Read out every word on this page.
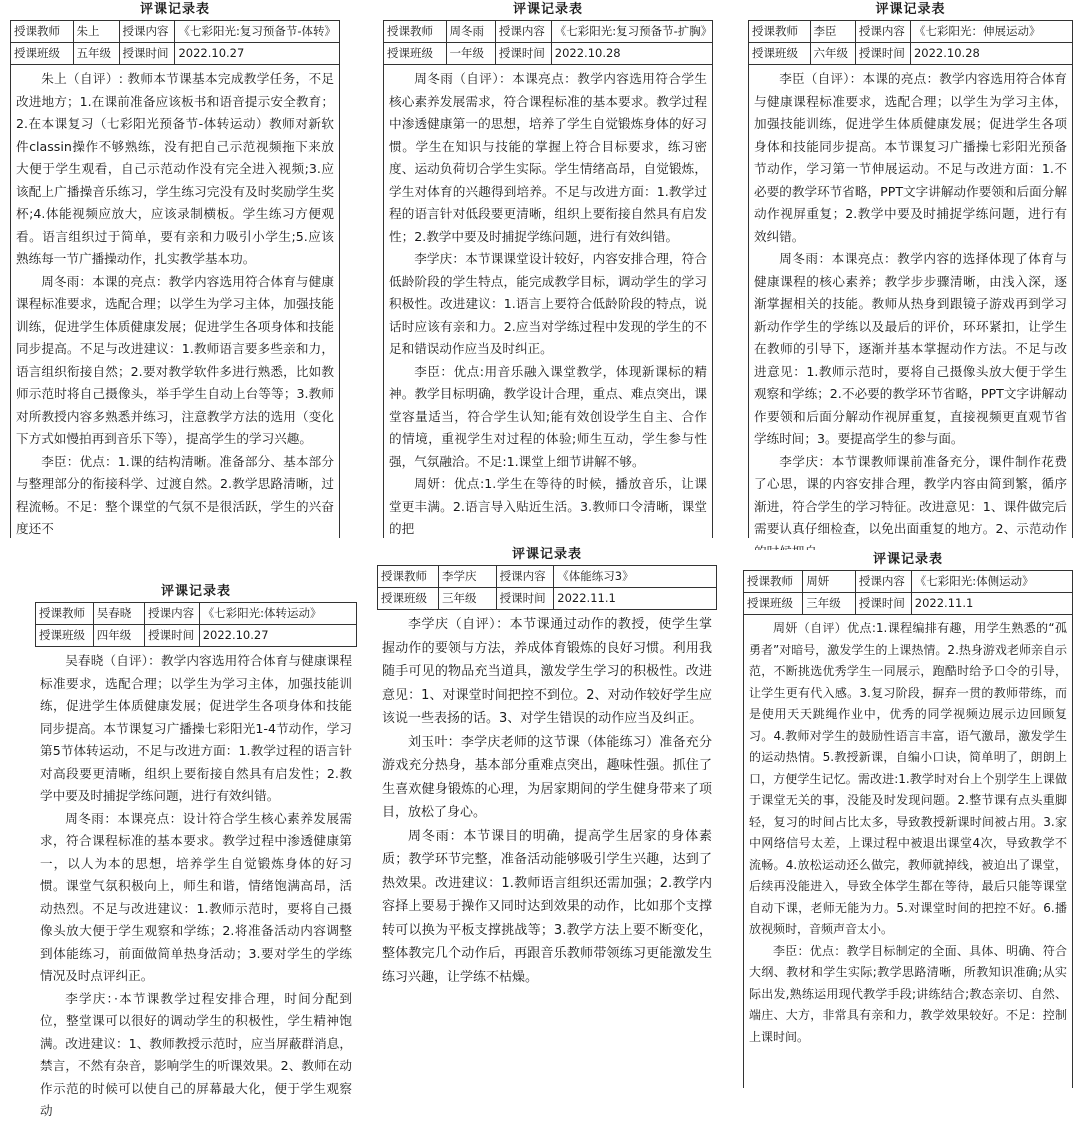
评课记录表
授课教师	朱上	授课内容	《七彩阳光:复习预备节-体转》
授课班级	五年级	授课时间	2022.10.27

朱上（自评）: 教师本节课基本完成教学任务，不足改进地方；1.在课前准备应该板书和语音提示安全教育；2.在本课复习（七彩阳光预备节-体转运动）教师对新软件classin操作不够熟练，没有把自己示范视频拖下来放大便于学生观看，自己示范动作没有完全进入视频;3.应该配上广播操音乐练习，学生练习完没有及时奖励学生奖杯;4.体能视频应放大，应该录制横板。学生练习方便观看。语言组织过于简单，要有亲和力吸引小学生;5.应该熟练每一节广播操动作，扎实教学基本功。

周冬雨：本课的亮点：教学内容选用符合体育与健康课程标准要求，选配合理；以学生为学习主体，加强技能训练，促进学生体质健康发展；促进学生各项身体和技能同步提高。不足与改进建议：1.教师语言要多些亲和力，语言组织衔接自然；2.要对教学软件多进行熟悉，比如教师示范时将自己摄像头，举手学生自动上台等等；3.教师对所教授内容多熟悉并练习，注意教学方法的选用（变化下方式如慢拍再到音乐下等），提高学生的学习兴趣。

李臣：优点：1.课的结构清晰。准备部分、基本部分与整理部分的衔接科学、过渡自然。2.教学思路清晰，过程流畅。不足：整个课堂的气氛不是很活跃，学生的兴奋度还不

评课记录表
授课教师	周冬雨	授课内容	《七彩阳光:复习预备节-扩胸》
授课班级	一年级	授课时间	2022.10.28

周冬雨（自评）：本课亮点：教学内容选用符合学生核心素养发展需求，符合课程标准的基本要求。教学过程中渗透健康第一的思想，培养了学生自觉锻炼身体的好习惯。学生在知识与技能的掌握上符合目标要求，练习密度、运动负荷切合学生实际。学生情绪高昂，自觉锻炼，学生对体育的兴趣得到培养。不足与改进方面：1.教学过程的语言针对低段要更清晰，组织上要衔接自然具有启发性；2.教学中要及时捕捉学练问题，进行有效纠错。

李学庆：本节课课堂设计较好，内容安排合理，符合低龄阶段的学生特点，能完成教学目标，调动学生的学习积极性。改进建议：1.语言上要符合低龄阶段的特点，说话时应该有亲和力。2.应当对学练过程中发现的学生的不足和错误动作应当及时纠正。

李臣：优点:用音乐融入课堂教学，体现新课标的精神。教学目标明确，教学设计合理，重点、难点突出，课堂容量适当，符合学生认知;能有效创设学生自主、合作的情境，重视学生对过程的体验;师生互动，学生参与性强，气氛融洽。不足:1.课堂上细节讲解不够。

周妍：优点:1.学生在等待的时候，播放音乐，让课堂更丰满。2.语言导入贴近生活。3.教师口令清晰，课堂的把

评课记录表
授课教师	李臣	授课内容	《七彩阳光：伸展运动》
授课班级	六年级	授课时间	2022.10.28

李臣（自评）：本课的亮点：教学内容选用符合体育与健康课程标准要求，选配合理；以学生为学习主体，加强技能训练，促进学生体质健康发展；促进学生各项身体和技能同步提高。本节课复习广播操七彩阳光预备节动作，学习第一节伸展运动。不足与改进方面：1.不必要的教学环节省略，PPT文字讲解动作要领和后面分解动作视屏重复；2.教学中要及时捕捉学练问题，进行有效纠错。

周冬雨：本课亮点：教学内容的选择体现了体育与健康课程的核心素养；教学步步骤清晰，由浅入深，逐渐掌握相关的技能。教师从热身到跟镜子游戏再到学习新动作学生的学练以及最后的评价，环环紧扣，让学生在教师的引导下，逐渐并基本掌握动作方法。不足与改进意见：1.教师示范时，要将自己摄像头放大便于学生观察和学练；2.不必要的教学环节省略，PPT文字讲解动作要领和后面分解动作视屏重复，直接视频更直观节省学练时间；3。要提高学生的参与面。

李学庆：本节课教师课前准备充分，课件制作花费了心思，课的内容安排合理，教学内容由简到繁，循序渐进，符合学生的学习特征。改进意见：1、课件做完后需要认真仔细检查，以免出面重复的地方。2、示范动作

评课记录表
授课教师	吴春晓	授课内容	《七彩阳光:体转运动》
授课班级	四年级	授课时间	2022.10.27

吴春晓（自评）：教学内容选用符合体育与健康课程标准要求，选配合理；以学生为学习主体，加强技能训练，促进学生体质健康发展；促进学生各项身体和技能同步提高。本节课复习广播操七彩阳光1-4节动作，学习第5节体转运动，不足与改进方面：1.教学过程的语言针对高段要更清晰，组织上要衔接自然具有启发性；2.教学中要及时捕捉学练问题，进行有效纠错。

周冬雨：本课亮点：设计符合学生核心素养发展需求，符合课程标准的基本要求。教学过程中渗透健康第一，以人为本的思想，培养学生自觉锻炼身体的好习惯。课堂气氛积极向上，师生和谐，情绪饱满高昂，活动热烈。不足与改进建议：1.教师示范时，要将自己摄像头放大便于学生观察和学练；2.将准备活动内容调整到体能练习，前面做简单热身活动；3.要对学生的学练情况及时点评纠正。

李学庆：·本节课教学过程安排合理，时间分配到位，整堂课可以很好的调动学生的积极性，学生精神饱满。改进建议：1、教师教授示范时，应当屏蔽群消息，禁言，不然有杂音，影响学生的听课效果。2、教师在动作示范的时候可以使自己的屏幕最大化，便于学生观察动

评课记录表
授课教师	李学庆	授课内容	《体能练习3》
授课班级	三年级	授课时间	2022.11.1

李学庆（自评）：本节课通过动作的教授，使学生掌握动作的要领与方法，养成体育锻炼的良好习惯。利用我随手可见的物品充当道具，激发学生学习的积极性。改进意见：1、对课堂时间把控不到位。2、对动作较好学生应该说一些表扬的话。3、对学生错误的动作应当及纠正。

刘玉叶：李学庆老师的这节课（体能练习）准备充分游戏充分热身，基本部分重难点突出，趣味性强。抓住了生喜欢健身锻炼的心理，为居家期间的学生健身带来了项目，放松了身心。

周冬雨：本节课目的明确，提高学生居家的身体素质；教学环节完整，准备活动能够吸引学生兴趣，达到了热效果。改进建议：1.教师语言组织还需加强；2.教学内容择上要易于操作又同时达到效果的动作，比如那个支撑转可以换为平板支撑挑战等；3.教学方法上要不断变化，整体教完几个动作后，再跟音乐教师带领练习更能激发生练习兴趣，让学练不枯燥。

评课记录表
授课教师	周妍	授课内容	《七彩阳光:体侧运动》
授课班级	三年级	授课时间	2022.11.1

周妍（自评）优点:1.课程编排有趣，用学生熟悉的“孤勇者”对暗号，激发学生的上课热情。2.热身游戏老师亲自示范，不断挑选优秀学生一同展示，跑酷时给予口令的引导，让学生更有代入感。3.复习阶段，摒弃一贯的教师带练，而是使用天天跳绳作业中，优秀的同学视频边展示边回顾复习。4.教师对学生的鼓励性语言丰富，语气激昂，激发学生的运动热情。5.教授新课，自编小口诀，简单明了，朗朗上口，方便学生记忆。需改进:1.教学时对台上个别学生上课做于课堂无关的事，没能及时发现问题。2.整节课有点头重脚轻，复习的时间占比太多，导致教授新课时间被占用。3.家中网络信号太差，上课过程中被退出课堂4次，导致教学不流畅。4.放松运动还么做完，教师就掉线，被迫出了课堂，后续再没能进入，导致全体学生都在等待，最后只能等课堂自动下课，老师无能为力。5.对课堂时间的把控不好。6.播放视频时，音频声音太小。

李臣：优点：教学目标制定的全面、具体、明确、符合大纲、教材和学生实际;教学思路清晰，所教知识准确;从实际出发,熟练运用现代教学手段;讲练结合;教态亲切、自然、端庄、大方，非常具有亲和力，教学效果较好。不足：控制上课时间。
